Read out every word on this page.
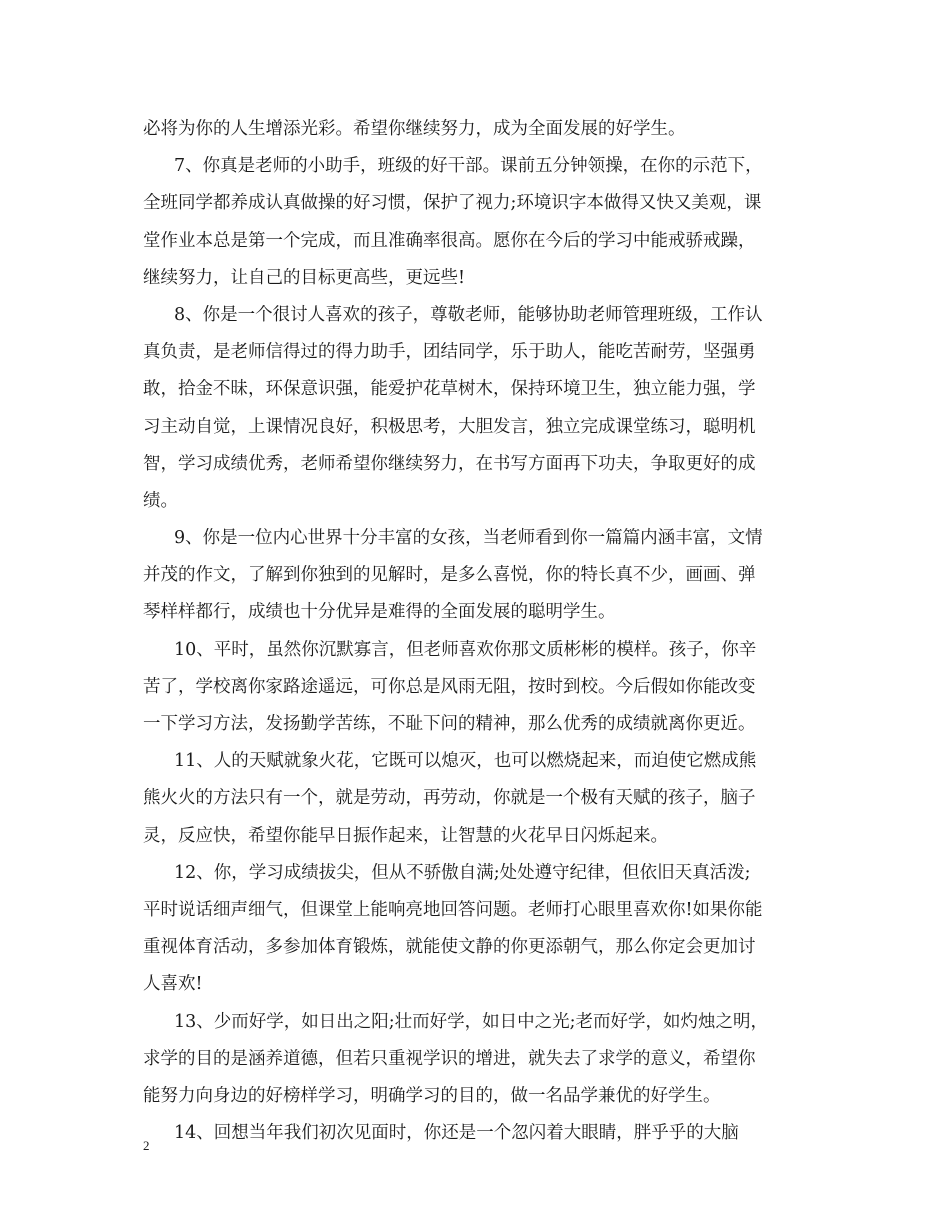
必将为你的人生增添光彩。希望你继续努力，成为全面发展的好学生。
7、你真是老师的小助手，班级的好干部。课前五分钟领操，在你的示范下，
全班同学都养成认真做操的好习惯，保护了视力;环境识字本做得又快又美观，课
堂作业本总是第一个完成，而且准确率很高。愿你在今后的学习中能戒骄戒躁，
继续努力，让自己的目标更高些，更远些!
8、你是一个很讨人喜欢的孩子，尊敬老师，能够协助老师管理班级，工作认
真负责，是老师信得过的得力助手，团结同学，乐于助人，能吃苦耐劳，坚强勇
敢，拾金不昧，环保意识强，能爱护花草树木，保持环境卫生，独立能力强，学
习主动自觉，上课情况良好，积极思考，大胆发言，独立完成课堂练习，聪明机
智，学习成绩优秀，老师希望你继续努力，在书写方面再下功夫，争取更好的成
绩。
9、你是一位内心世界十分丰富的女孩，当老师看到你一篇篇内涵丰富，文情
并茂的作文，了解到你独到的见解时，是多么喜悦，你的特长真不少，画画、弹
琴样样都行，成绩也十分优异是难得的全面发展的聪明学生。
10、平时，虽然你沉默寡言，但老师喜欢你那文质彬彬的模样。孩子，你辛
苦了，学校离你家路途遥远，可你总是风雨无阻，按时到校。今后假如你能改变
一下学习方法，发扬勤学苦练，不耻下问的精神，那么优秀的成绩就离你更近。
11、人的天赋就象火花，它既可以熄灭，也可以燃烧起来，而迫使它燃成熊
熊火火的方法只有一个，就是劳动，再劳动，你就是一个极有天赋的孩子，脑子
灵，反应快，希望你能早日振作起来，让智慧的火花早日闪烁起来。
12、你，学习成绩拔尖，但从不骄傲自满;处处遵守纪律，但依旧天真活泼;
平时说话细声细气，但课堂上能响亮地回答问题。老师打心眼里喜欢你!如果你能
重视体育活动，多参加体育锻炼，就能使文静的你更添朝气，那么你定会更加讨
人喜欢!
13、少而好学，如日出之阳;壮而好学，如日中之光;老而好学，如灼烛之明，
求学的目的是涵养道德，但若只重视学识的增进，就失去了求学的意义，希望你
能努力向身边的好榜样学习，明确学习的目的，做一名品学兼优的好学生。
14、回想当年我们初次见面时，你还是一个忽闪着大眼睛，胖乎乎的大脑
2
